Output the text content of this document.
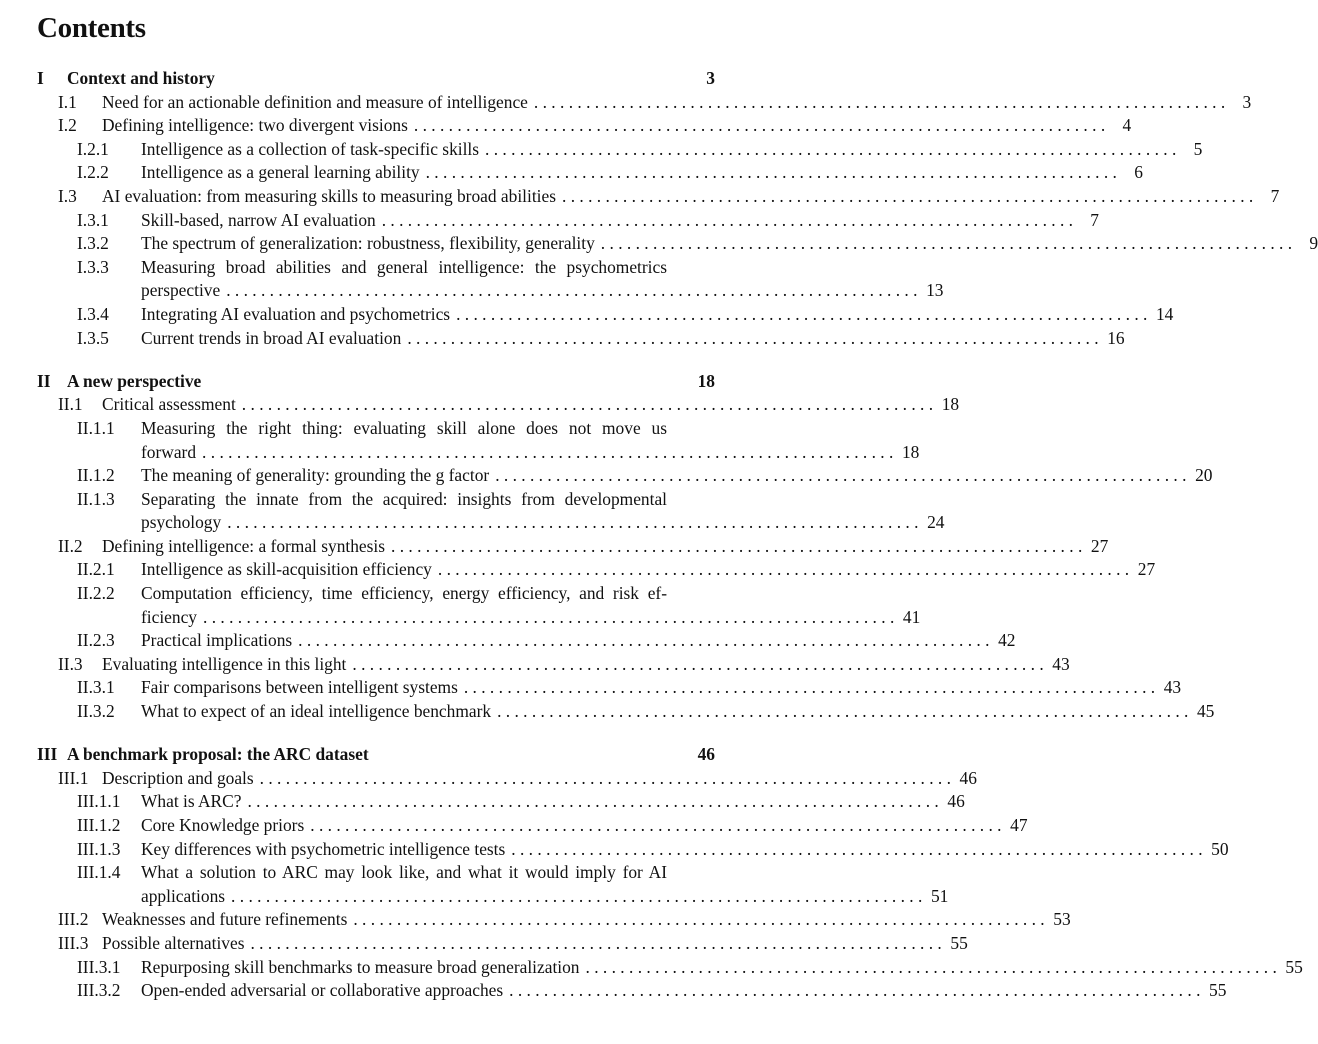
Contents
I Context and history	3
I.1 Need for an actionable definition and measure of intelligence . . . . . . . . . . . . . . . . . . . . . . . . . . . . . . . . . . . . . . . . . . . . . . . . . . . . . . . . . . . . . . . . . . . . . . . . . . . . . . . . 3
I.2 Defining intelligence: two divergent visions . . . . . . . . . . . . . . . . . . . . . . . . . . . . . . . . . . . . . . . . . . . . . . . . . . . . . . . . . . . . . . . . . . . . . . . . . . . . . . . . 4
I.2.1 Intelligence as a collection of task-specific skills . . . . . . . . . . . . . . . . . . . . . . . . . . . . . . . . . . . . . . . . . . . . . . . . . . . . . . . . . . . . . . . . . . . . . . . . . . . . . . . . 5
I.2.2 Intelligence as a general learning ability . . . . . . . . . . . . . . . . . . . . . . . . . . . . . . . . . . . . . . . . . . . . . . . . . . . . . . . . . . . . . . . . . . . . . . . . . . . . . . . . 6
I.3 AI evaluation: from measuring skills to measuring broad abilities . . . . . . . . . . . . . . . . . . . . . . . . . . . . . . . . . . . . . . . . . . . . . . . . . . . . . . . . . . . . . . . . . . . . . . . . . . . . . . . . 7
I.3.1 Skill-based, narrow AI evaluation . . . . . . . . . . . . . . . . . . . . . . . . . . . . . . . . . . . . . . . . . . . . . . . . . . . . . . . . . . . . . . . . . . . . . . . . . . . . . . . . 7
I.3.2 The spectrum of generalization: robustness, flexibility, generality . . . . . . . . . . . . . . . . . . . . . . . . . . . . . . . . . . . . . . . . . . . . . . . . . . . . . . . . . . . . . . . . . . . . . . . . . . . . . . . . 9
I.3.3 Measuring broad abilities and general intelligence: the psychometrics
perspective . . . . . . . . . . . . . . . . . . . . . . . . . . . . . . . . . . . . . . . . . . . . . . . . . . . . . . . . . . . . . . . . . . . . . . . . . . . . . . . . 13
I.3.4 Integrating AI evaluation and psychometrics . . . . . . . . . . . . . . . . . . . . . . . . . . . . . . . . . . . . . . . . . . . . . . . . . . . . . . . . . . . . . . . . . . . . . . . . . . . . . . . . 14
I.3.5 Current trends in broad AI evaluation . . . . . . . . . . . . . . . . . . . . . . . . . . . . . . . . . . . . . . . . . . . . . . . . . . . . . . . . . . . . . . . . . . . . . . . . . . . . . . . . 16
II A new perspective	18
II.1 Critical assessment . . . . . . . . . . . . . . . . . . . . . . . . . . . . . . . . . . . . . . . . . . . . . . . . . . . . . . . . . . . . . . . . . . . . . . . . . . . . . . . . 18
II.1.1 Measuring the right thing: evaluating skill alone does not move us
forward . . . . . . . . . . . . . . . . . . . . . . . . . . . . . . . . . . . . . . . . . . . . . . . . . . . . . . . . . . . . . . . . . . . . . . . . . . . . . . . . 18
II.1.2 The meaning of generality: grounding the g factor . . . . . . . . . . . . . . . . . . . . . . . . . . . . . . . . . . . . . . . . . . . . . . . . . . . . . . . . . . . . . . . . . . . . . . . . . . . . . . . . 20
II.1.3 Separating the innate from the acquired: insights from developmental
psychology . . . . . . . . . . . . . . . . . . . . . . . . . . . . . . . . . . . . . . . . . . . . . . . . . . . . . . . . . . . . . . . . . . . . . . . . . . . . . . . . 24
II.2 Defining intelligence: a formal synthesis . . . . . . . . . . . . . . . . . . . . . . . . . . . . . . . . . . . . . . . . . . . . . . . . . . . . . . . . . . . . . . . . . . . . . . . . . . . . . . . . 27
II.2.1 Intelligence as skill-acquisition efficiency . . . . . . . . . . . . . . . . . . . . . . . . . . . . . . . . . . . . . . . . . . . . . . . . . . . . . . . . . . . . . . . . . . . . . . . . . . . . . . . . 27
II.2.2 Computation efficiency, time efficiency, energy efficiency, and risk ef-
ficiency . . . . . . . . . . . . . . . . . . . . . . . . . . . . . . . . . . . . . . . . . . . . . . . . . . . . . . . . . . . . . . . . . . . . . . . . . . . . . . . . 41
II.2.3 Practical implications . . . . . . . . . . . . . . . . . . . . . . . . . . . . . . . . . . . . . . . . . . . . . . . . . . . . . . . . . . . . . . . . . . . . . . . . . . . . . . . . 42
II.3 Evaluating intelligence in this light . . . . . . . . . . . . . . . . . . . . . . . . . . . . . . . . . . . . . . . . . . . . . . . . . . . . . . . . . . . . . . . . . . . . . . . . . . . . . . . . 43
II.3.1 Fair comparisons between intelligent systems . . . . . . . . . . . . . . . . . . . . . . . . . . . . . . . . . . . . . . . . . . . . . . . . . . . . . . . . . . . . . . . . . . . . . . . . . . . . . . . . 43
II.3.2 What to expect of an ideal intelligence benchmark . . . . . . . . . . . . . . . . . . . . . . . . . . . . . . . . . . . . . . . . . . . . . . . . . . . . . . . . . . . . . . . . . . . . . . . . . . . . . . . . 45
III A benchmark proposal: the ARC dataset	46
III.1 Description and goals . . . . . . . . . . . . . . . . . . . . . . . . . . . . . . . . . . . . . . . . . . . . . . . . . . . . . . . . . . . . . . . . . . . . . . . . . . . . . . . . 46
III.1.1 What is ARC? . . . . . . . . . . . . . . . . . . . . . . . . . . . . . . . . . . . . . . . . . . . . . . . . . . . . . . . . . . . . . . . . . . . . . . . . . . . . . . . . 46
III.1.2 Core Knowledge priors . . . . . . . . . . . . . . . . . . . . . . . . . . . . . . . . . . . . . . . . . . . . . . . . . . . . . . . . . . . . . . . . . . . . . . . . . . . . . . . . 47
III.1.3 Key differences with psychometric intelligence tests . . . . . . . . . . . . . . . . . . . . . . . . . . . . . . . . . . . . . . . . . . . . . . . . . . . . . . . . . . . . . . . . . . . . . . . . . . . . . . . . 50
III.1.4 What a solution to ARC may look like, and what it would imply for AI
applications . . . . . . . . . . . . . . . . . . . . . . . . . . . . . . . . . . . . . . . . . . . . . . . . . . . . . . . . . . . . . . . . . . . . . . . . . . . . . . . . 51
III.2 Weaknesses and future refinements . . . . . . . . . . . . . . . . . . . . . . . . . . . . . . . . . . . . . . . . . . . . . . . . . . . . . . . . . . . . . . . . . . . . . . . . . . . . . . . . 53
III.3 Possible alternatives . . . . . . . . . . . . . . . . . . . . . . . . . . . . . . . . . . . . . . . . . . . . . . . . . . . . . . . . . . . . . . . . . . . . . . . . . . . . . . . . 55
III.3.1 Repurposing skill benchmarks to measure broad generalization . . . . . . . . . . . . . . . . . . . . . . . . . . . . . . . . . . . . . . . . . . . . . . . . . . . . . . . . . . . . . . . . . . . . . . . . . . . . . . . . 55
III.3.2 Open-ended adversarial or collaborative approaches . . . . . . . . . . . . . . . . . . . . . . . . . . . . . . . . . . . . . . . . . . . . . . . . . . . . . . . . . . . . . . . . . . . . . . . . . . . . . . . . 55
